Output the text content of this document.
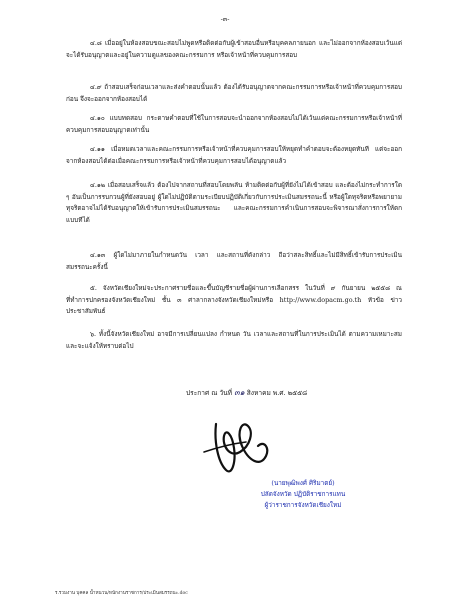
-๓-
๔.๘ เมื่ออยู่ในห้องสอบขณะสอบไม่พูดหรือติดต่อกับผู้เข้าสอบอื่นหรือบุคคลภายนอก และไม่ออกจากห้องสอบเว้นแต่จะได้รับอนุญาตและอยู่ในความดูแลของคณะกรรมการ หรือเจ้าหน้าที่ควบคุมการสอบ
๔.๙ ถ้าสอบเสร็จก่อนเวลาและส่งคำตอบนั้นแล้ว ต้องได้รับอนุญาตจากคณะกรรมการหรือเจ้าหน้าที่ควบคุมการสอบก่อน จึงจะออกจากห้องสอบได้
๔.๑๐ แบบทดสอบ กระดาษคำตอบที่ใช้ในการสอบจะนำออกจากห้องสอบไม่ได้เว้นแต่คณะกรรมการหรือเจ้าหน้าที่ควบคุมการสอบอนุญาตเท่านั้น
๔.๑๑ เมื่อหมดเวลาและคณะกรรมการหรือเจ้าหน้าที่ควบคุมการสอบให้หยุดทำคำตอบจะต้องหยุดทันที แต่จะออกจากห้องสอบได้ต่อเมื่อคณะกรรมการหรือเจ้าหน้าที่ควบคุมการสอบได้อนุญาตแล้ว
๔.๑๒ เมื่อสอบเสร็จแล้ว ต้องไปจากสถานที่สอบโดยพลัน ห้ามติดต่อกับผู้ที่ยังไม่ได้เข้าสอบ และต้องไม่กระทำการใด ๆ อันเป็นการรบกวนผู้ที่ยังสอบอยู่ ผู้ใดไม่ปฏิบัติตามระเบียบปฏิบัติเกี่ยวกับการประเมินสมรรถนะนี้ หรือผู้ใดทุจริตหรือพยายามทุจริตอาจไม่ได้รับอนุญาตให้เข้ารับการประเมินสมรรถนะ และคณะกรรมการคำเนินการสอบจะพิจารณาสั่งการการให้ตกแบบทีได้
๔.๑๓ ผู้ใดไม่มาภายในกำหนดวัน เวลา และสถานที่ดังกล่าว ถือว่าสละสิทธิ์และไม่มีสิทธิ์เข้ารับการประเมินสมรรถนะครั้งนี้
๕. จังหวัดเชียงใหม่จะประกาศรายชื่อและขึ้นบัญชีรายชื่อผู้ผ่านการเลือกสรร ในวันที่ ๙ กันยายน ๒๕๕๘ ณ ที่ทำการปกครองจังหวัดเชียงใหม่ ชั้น ๓ ศาลากลางจังหวัดเชียงใหม่หรือ http://www.dopacm.go.th หัวข้อ ข่าวประชาสัมพันธ์
๖. ทั้งนี้จังหวัดเชียงใหม่ อาจมีการเปลี่ยนแปลง กำหนด วัน เวลาและสถานที่ในการประเมินได้ ตามความเหมาะสมและจะแจ้งให้ทราบต่อไป
ประกาศ ณ วันที่ ๓๑ สิงหาคม พ.ศ. ๒๕๕๘
(นายพุฒิพงศ์ ศิริมาตย์)
ปลัดจังหวัด ปฏิบัติราชการแทน
ผู้ว่าราชการจังหวัดเชียงใหม่
ร.รวมงาน บุคคล น้ำหนวน/หนักงานราชการ/ประเมินสมรรถนะ.doc
